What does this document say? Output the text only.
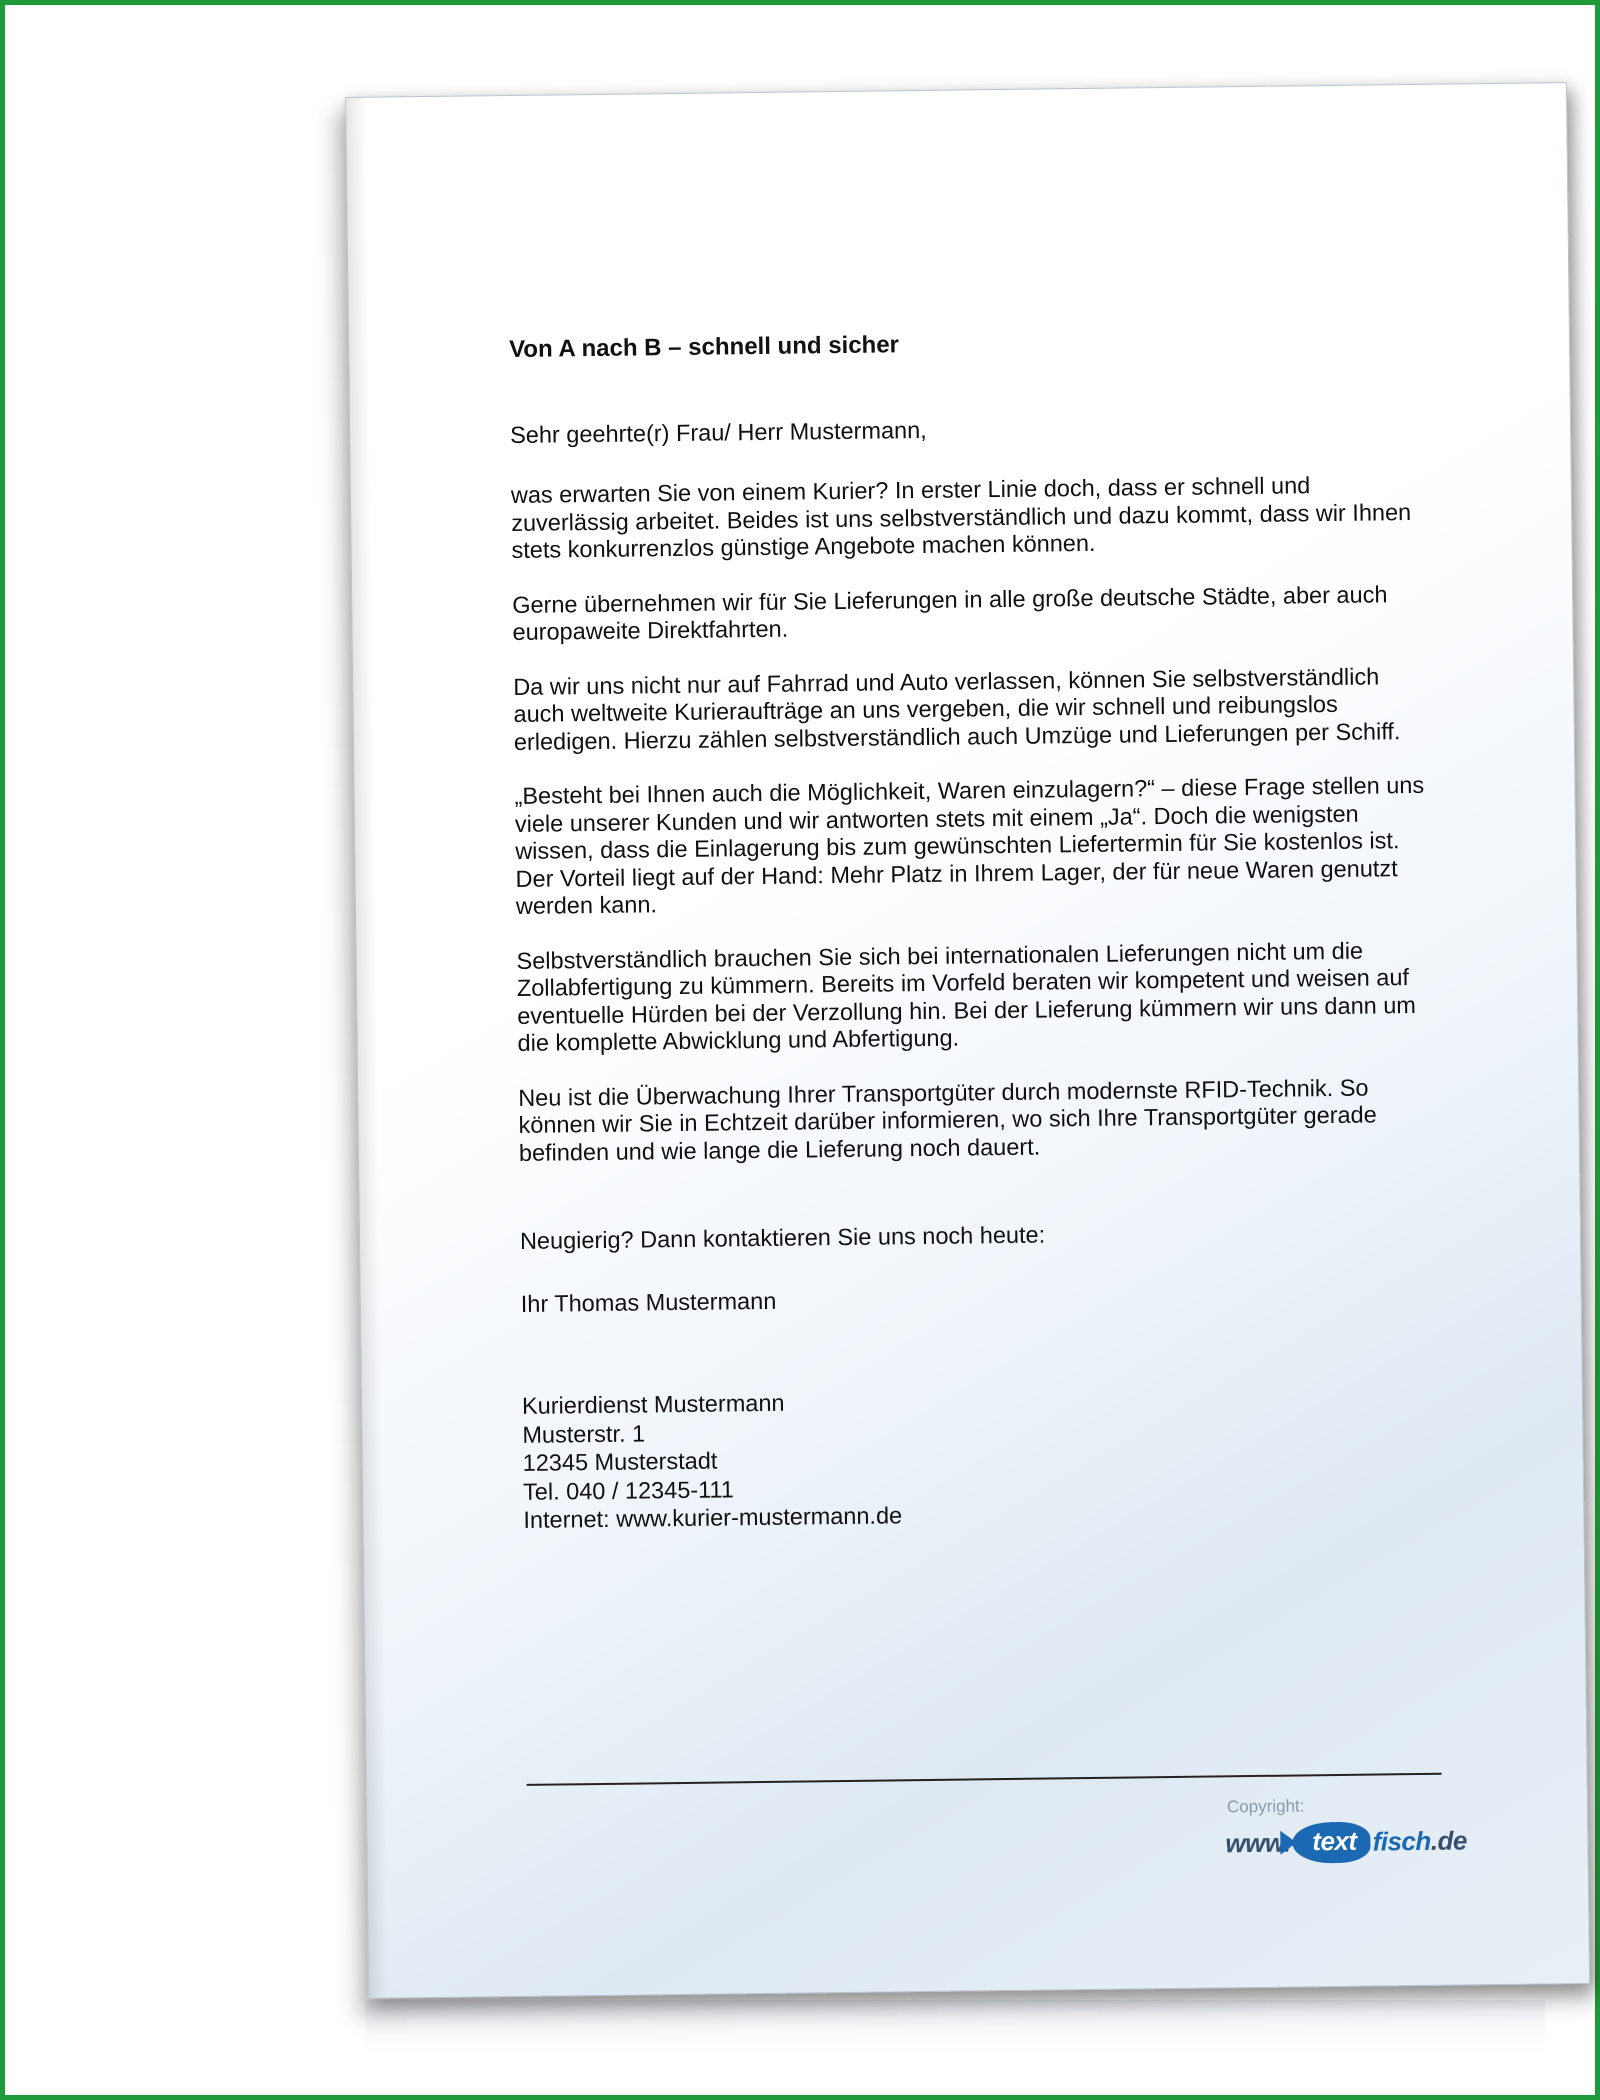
Von A nach B – schnell und sicher
Sehr geehrte(r) Frau/ Herr Mustermann,
was erwarten Sie von einem Kurier? In erster Linie doch, dass er schnell und zuverlässig arbeitet. Beides ist uns selbstverständlich und dazu kommt, dass wir Ihnen stets konkurrenzlos günstige Angebote machen können.
Gerne übernehmen wir für Sie Lieferungen in alle große deutsche Städte, aber auch europaweite Direktfahrten.
Da wir uns nicht nur auf Fahrrad und Auto verlassen, können Sie selbstverständlich auch weltweite Kurieraufträge an uns vergeben, die wir schnell und reibungslos erledigen. Hierzu zählen selbstverständlich auch Umzüge und Lieferungen per Schiff.
„Besteht bei Ihnen auch die Möglichkeit, Waren einzulagern?“ – diese Frage stellen uns viele unserer Kunden und wir antworten stets mit einem „Ja“. Doch die wenigsten wissen, dass die Einlagerung bis zum gewünschten Liefertermin für Sie kostenlos ist. Der Vorteil liegt auf der Hand: Mehr Platz in Ihrem Lager, der für neue Waren genutzt werden kann.
Selbstverständlich brauchen Sie sich bei internationalen Lieferungen nicht um die Zollabfertigung zu kümmern. Bereits im Vorfeld beraten wir kompetent und weisen auf eventuelle Hürden bei der Verzollung hin. Bei der Lieferung kümmern wir uns dann um die komplette Abwicklung und Abfertigung.
Neu ist die Überwachung Ihrer Transportgüter durch modernste RFID-Technik. So können wir Sie in Echtzeit darüber informieren, wo sich Ihre Transportgüter gerade befinden und wie lange die Lieferung noch dauert.
Neugierig? Dann kontaktieren Sie uns noch heute:
Ihr Thomas Mustermann
Kurierdienst Mustermann
Musterstr. 1
12345 Musterstadt
Tel. 040 / 12345-111
Internet: www.kurier-mustermann.de
Copyright:
www. text fisch .de
